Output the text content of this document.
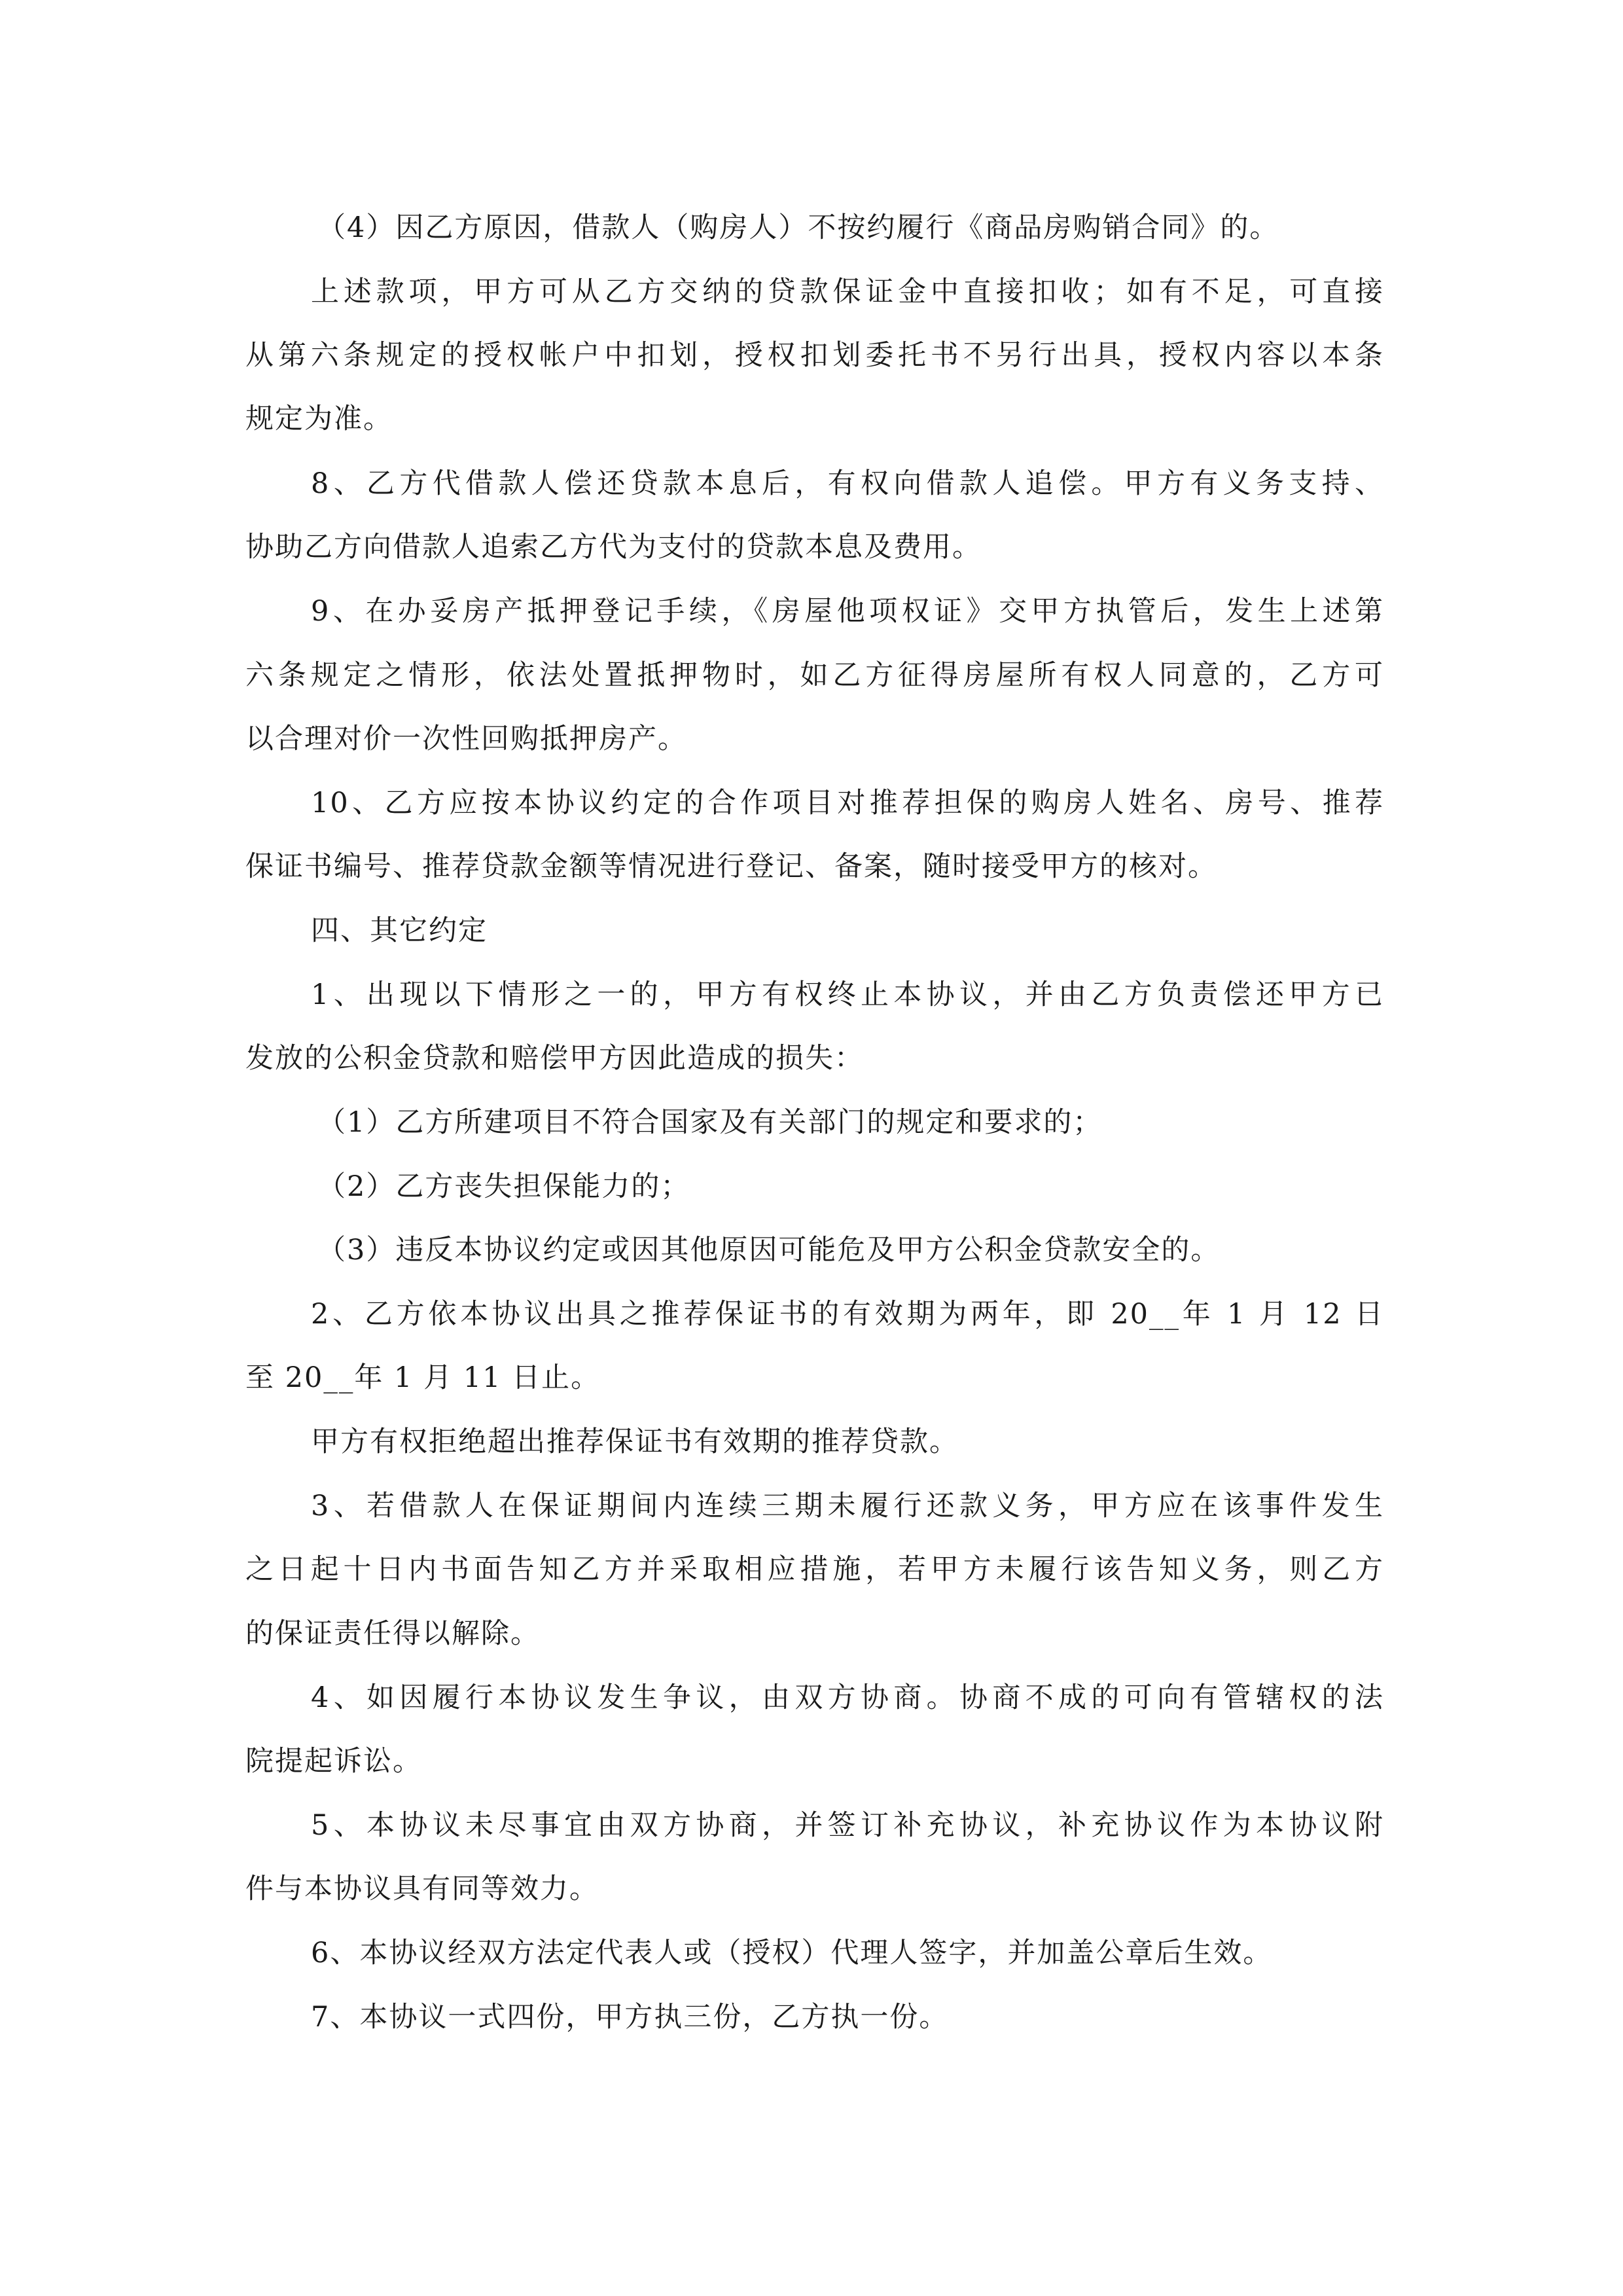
（4）因乙方原因，借款人（购房人）不按约履行《商品房购销合同》的。
上述款项，甲方可从乙方交纳的贷款保证金中直接扣收；如有不足，可直接
从第六条规定的授权帐户中扣划，授权扣划委托书不另行出具，授权内容以本条
规定为准。
8、乙方代借款人偿还贷款本息后，有权向借款人追偿。甲方有义务支持、
协助乙方向借款人追索乙方代为支付的贷款本息及费用。
9、在办妥房产抵押登记手续，《房屋他项权证》交甲方执管后，发生上述第
六条规定之情形，依法处置抵押物时，如乙方征得房屋所有权人同意的，乙方可
以合理对价一次性回购抵押房产。
10、乙方应按本协议约定的合作项目对推荐担保的购房人姓名、房号、推荐
保证书编号、推荐贷款金额等情况进行登记、备案，随时接受甲方的核对。
四、其它约定
1、出现以下情形之一的，甲方有权终止本协议，并由乙方负责偿还甲方已
发放的公积金贷款和赔偿甲方因此造成的损失：
（1）乙方所建项目不符合国家及有关部门的规定和要求的；
（2）乙方丧失担保能力的；
（3）违反本协议约定或因其他原因可能危及甲方公积金贷款安全的。
2、乙方依本协议出具之推荐保证书的有效期为两年，即 20__年 1 月 12 日
至 20__年 1 月 11 日止。
甲方有权拒绝超出推荐保证书有效期的推荐贷款。
3、若借款人在保证期间内连续三期未履行还款义务，甲方应在该事件发生
之日起十日内书面告知乙方并采取相应措施，若甲方未履行该告知义务，则乙方
的保证责任得以解除。
4、如因履行本协议发生争议，由双方协商。协商不成的可向有管辖权的法
院提起诉讼。
5、本协议未尽事宜由双方协商，并签订补充协议，补充协议作为本协议附
件与本协议具有同等效力。
6、本协议经双方法定代表人或（授权）代理人签字，并加盖公章后生效。
7、本协议一式四份，甲方执三份，乙方执一份。
